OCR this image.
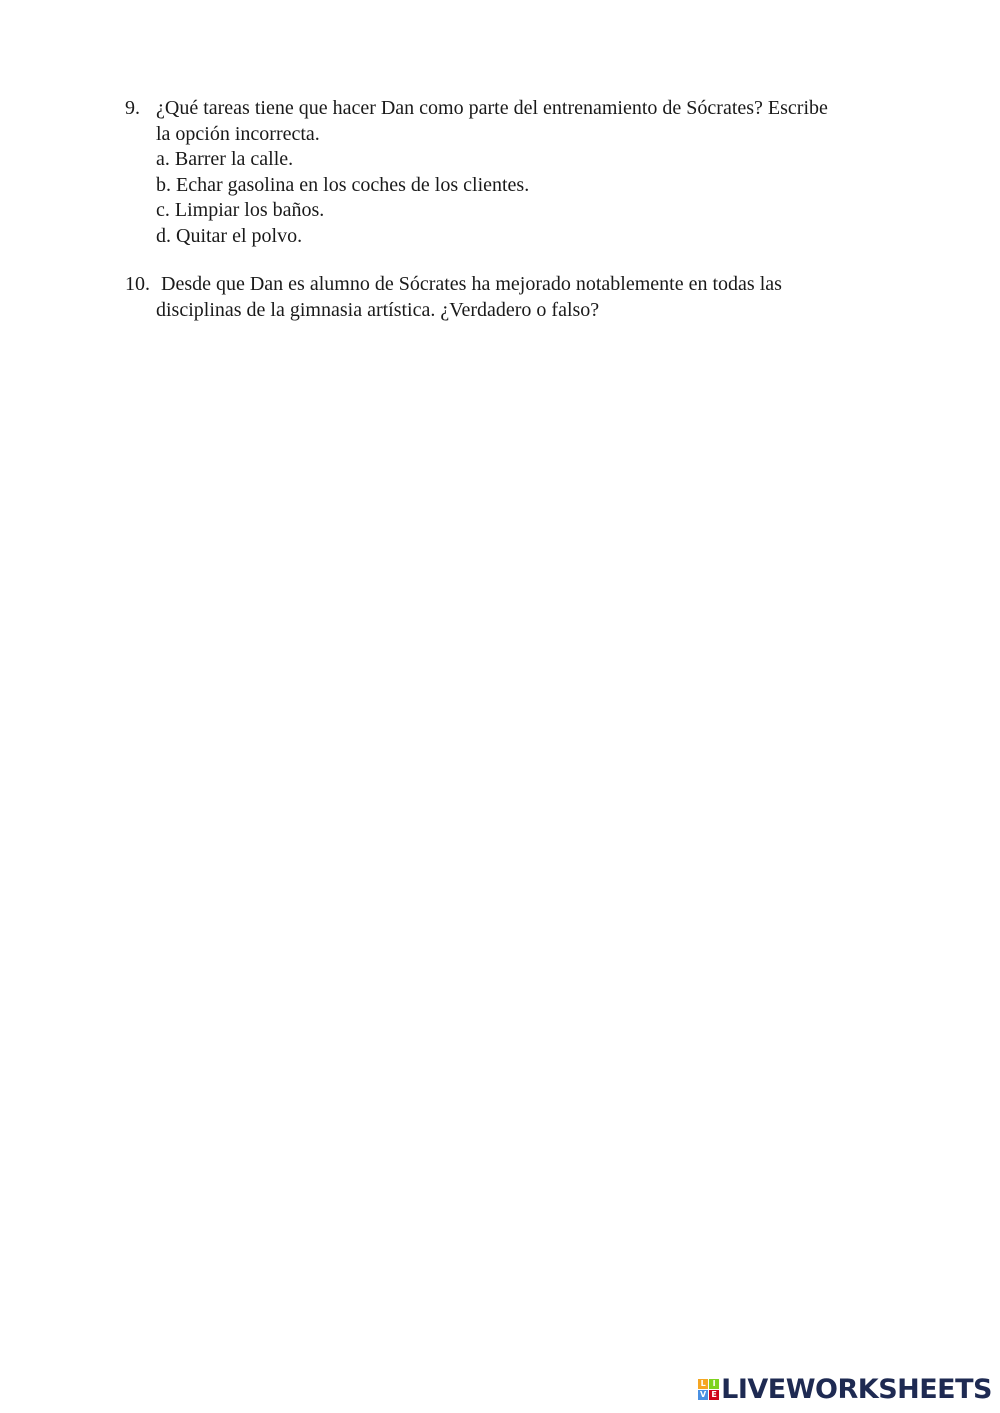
9. ¿Qué tareas tiene que hacer Dan como parte del entrenamiento de Sócrates? Escribe
la opción incorrecta.
a. Barrer la calle.
b. Echar gasolina en los coches de los clientes.
c. Limpiar los baños.
d. Quitar el polvo.
10. Desde que Dan es alumno de Sócrates ha mejorado notablemente en todas las
disciplinas de la gimnasia artística. ¿Verdadero o falso?
L I
V E LIVEWORKSHEETS
